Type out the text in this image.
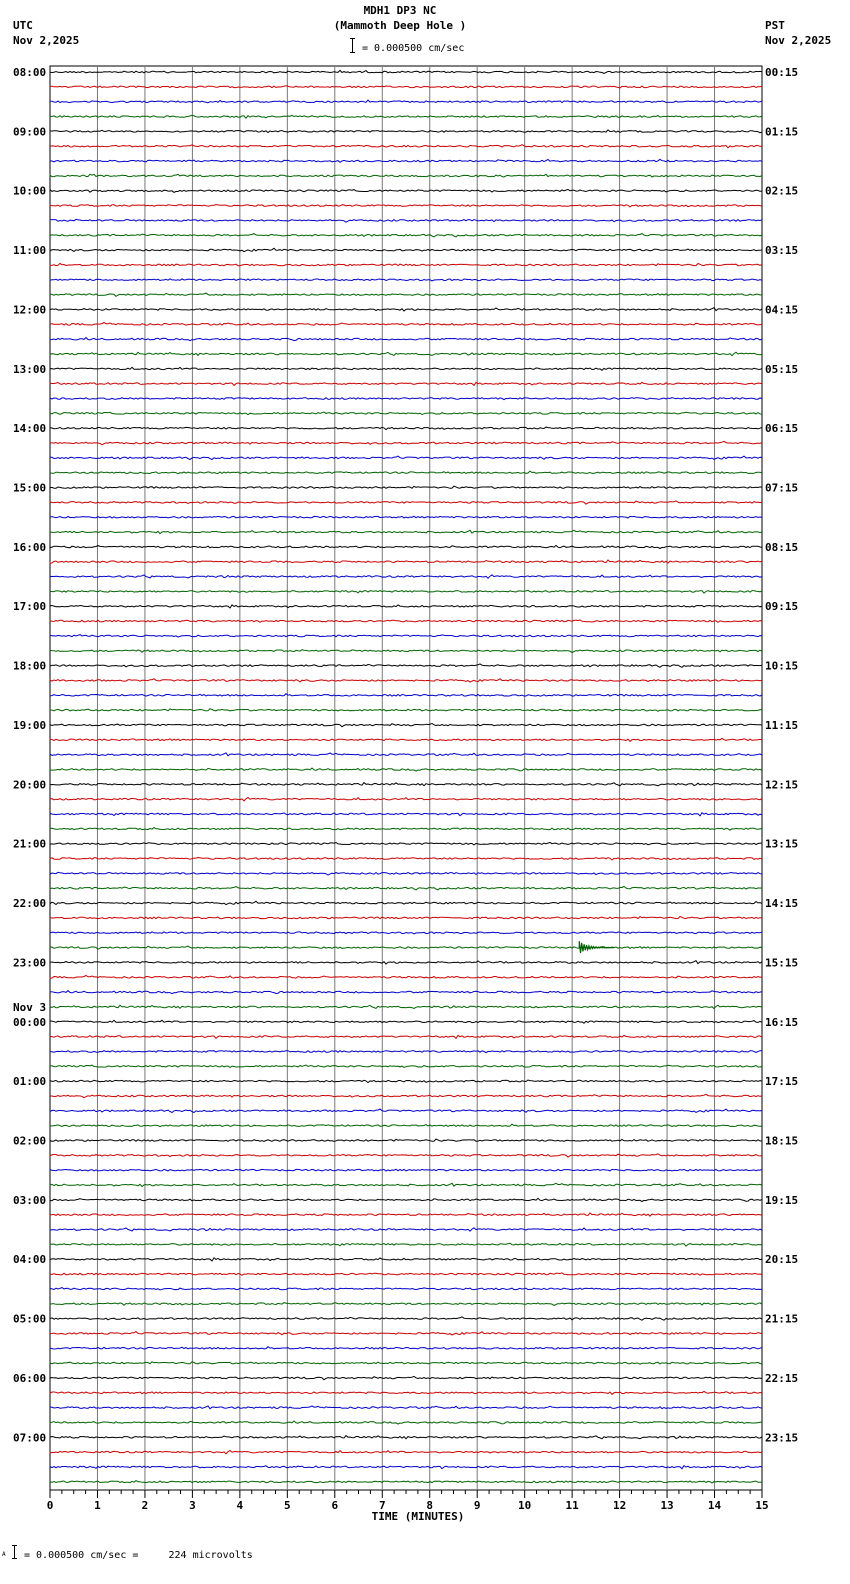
MDH1 DP3 NC
(Mammoth Deep Hole )
= 0.000500 cm/sec
UTC
Nov 2,2025
PST
Nov 2,2025
08:00	00:15
09:00	01:15
10:00	02:15
11:00	03:15
12:00	04:15
13:00	05:15
14:00	06:15
15:00	07:15
16:00	08:15
17:00	09:15
18:00	10:15
19:00	11:15
20:00	12:15
21:00	13:15
22:00	14:15
23:00	15:15
00:00	16:15
01:00	17:15
02:00	18:15
03:00	19:15
04:00	20:15
05:00	21:15
06:00	22:15
07:00	23:15
Nov 3
0	1	2	3	4	5	6	7	8	9	10	11	12	13	14	15
TIME (MINUTES)
A = 0.000500 cm/sec =     224 microvolts
